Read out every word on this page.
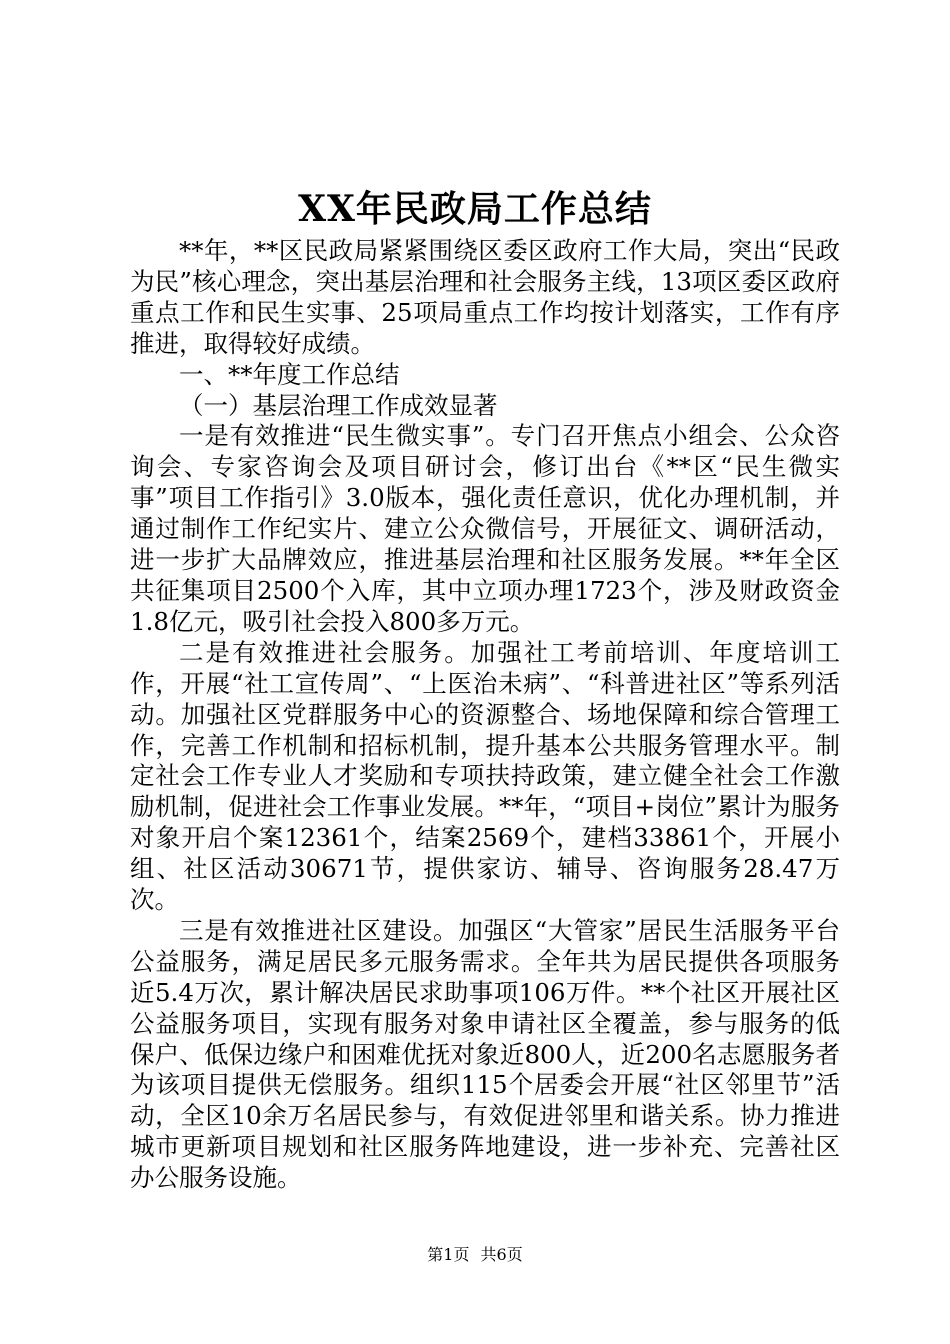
XX年民政局工作总结

**年，**区民政局紧紧围绕区委区政府工作大局，突出“民政为民”核心理念，突出基层治理和社会服务主线，13项区委区政府重点工作和民生实事、25项局重点工作均按计划落实，工作有序推进，取得较好成绩。

一、**年度工作总结

（一）基层治理工作成效显著

一是有效推进“民生微实事”。专门召开焦点小组会、公众咨询会、专家咨询会及项目研讨会，修订出台《**区“民生微实事”项目工作指引》3.0版本，强化责任意识，优化办理机制，并通过制作工作纪实片、建立公众微信号，开展征文、调研活动，进一步扩大品牌效应，推进基层治理和社区服务发展。**年全区共征集项目2500个入库，其中立项办理1723个，涉及财政资金1.8亿元，吸引社会投入800多万元。

二是有效推进社会服务。加强社工考前培训、年度培训工作，开展“社工宣传周”、“上医治未病”、“科普进社区”等系列活动。加强社区党群服务中心的资源整合、场地保障和综合管理工作，完善工作机制和招标机制，提升基本公共服务管理水平。制定社会工作专业人才奖励和专项扶持政策，建立健全社会工作激励机制，促进社会工作事业发展。**年，“项目+岗位”累计为服务对象开启个案12361个，结案2569个，建档33861个，开展小组、社区活动30671节，提供家访、辅导、咨询服务28.47万次。

三是有效推进社区建设。加强区“大管家”居民生活服务平台公益服务，满足居民多元服务需求。全年共为居民提供各项服务近5.4万次，累计解决居民求助事项106万件。**个社区开展社区公益服务项目，实现有服务对象申请社区全覆盖，参与服务的低保户、低保边缘户和困难优抚对象近800人，近200名志愿服务者为该项目提供无偿服务。组织115个居委会开展“社区邻里节”活动，全区10余万名居民参与，有效促进邻里和谐关系。协力推进城市更新项目规划和社区服务阵地建设，进一步补充、完善社区办公服务设施。

第1页 共6页
